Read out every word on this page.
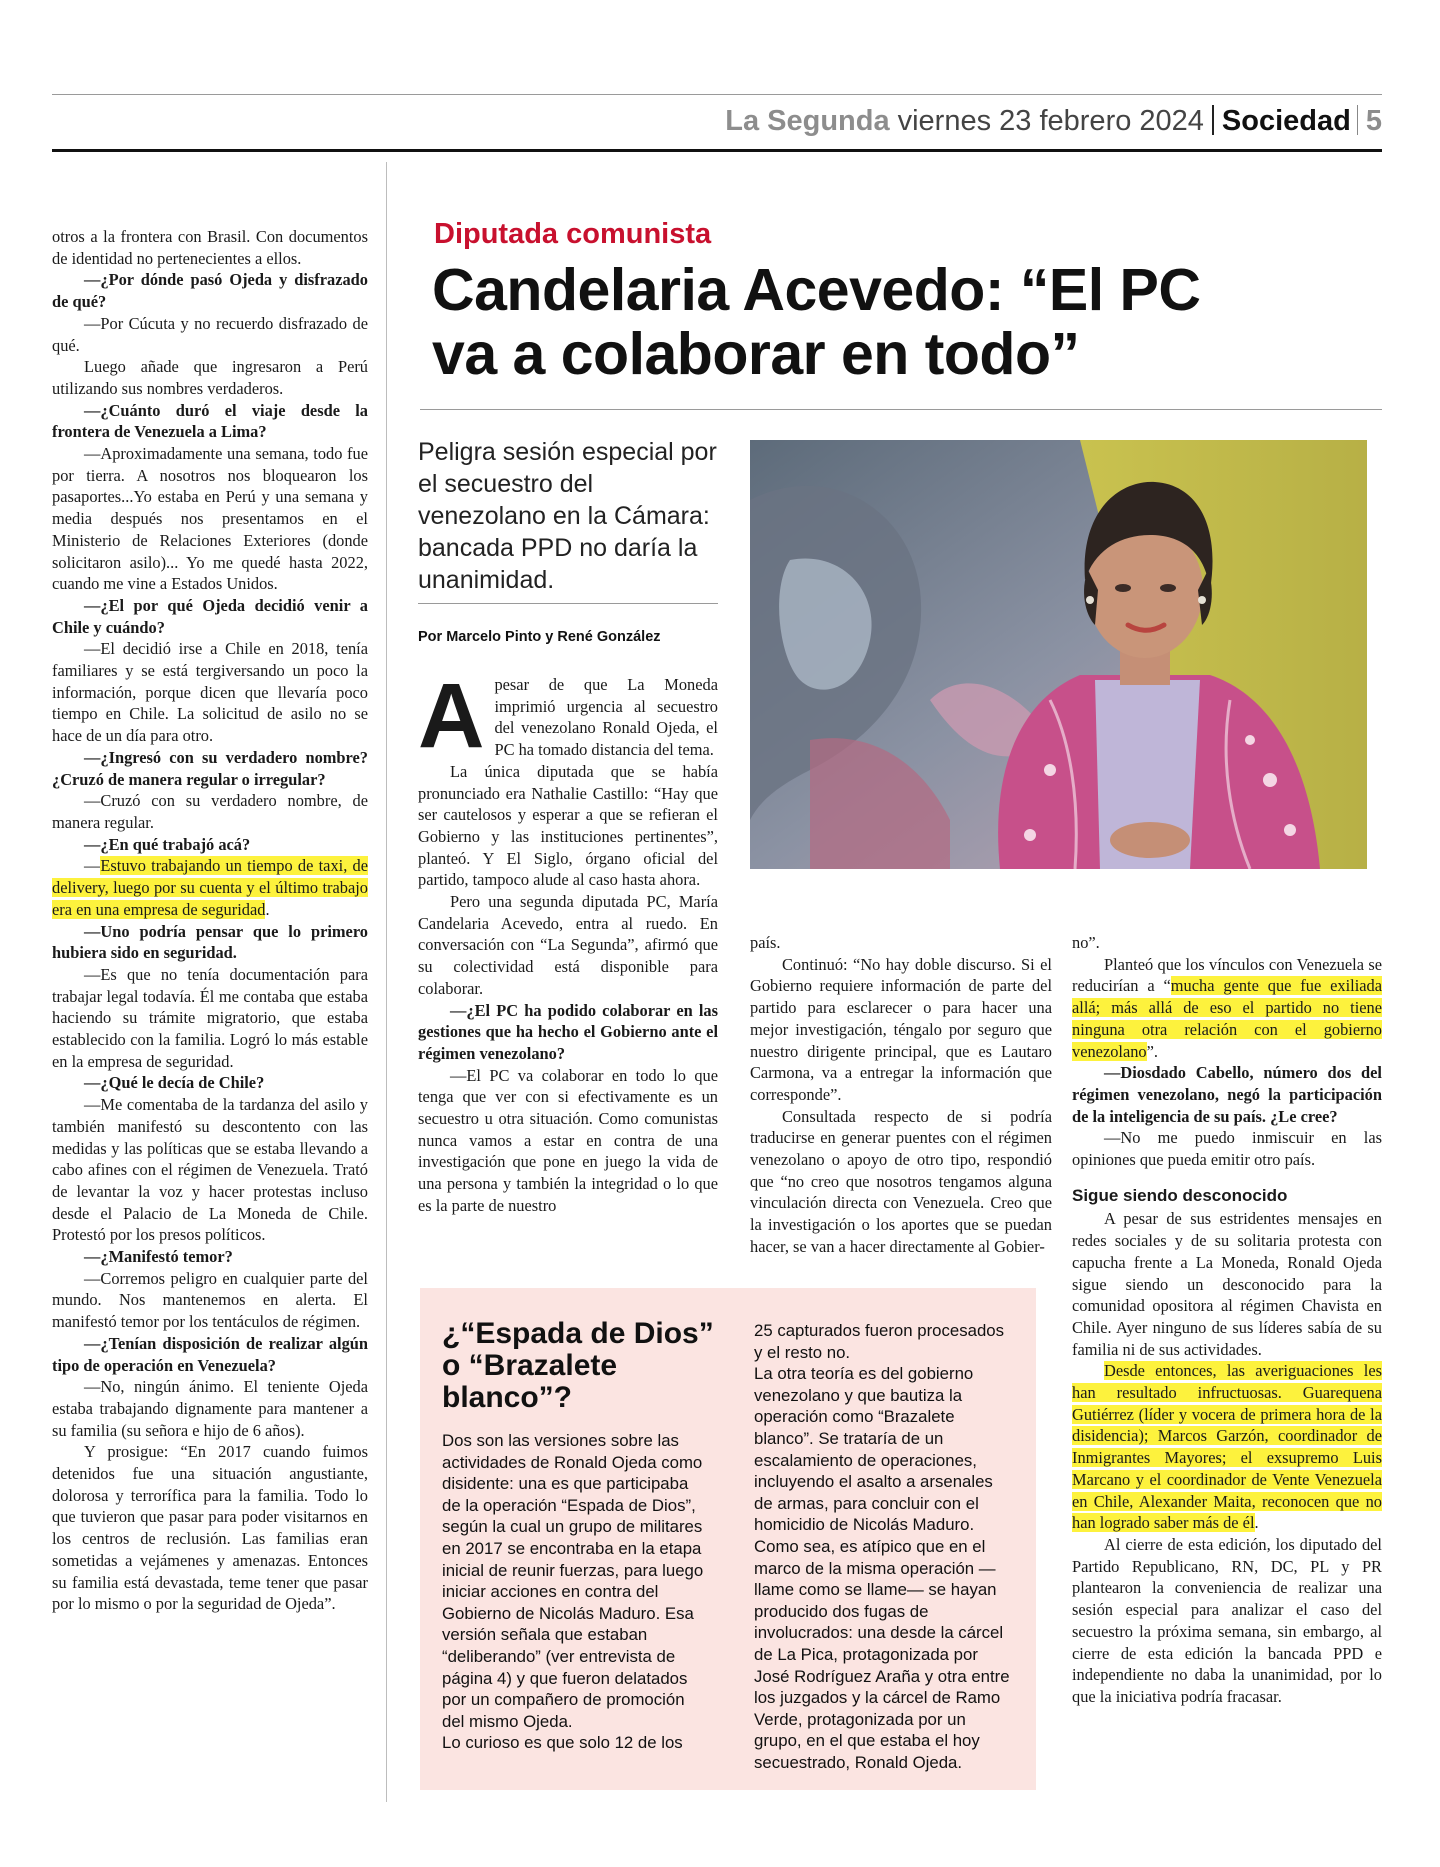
La Segunda viernes 23 febrero 2024 Sociedad 5

otros a la frontera con Brasil. Con documentos de identidad no pertenecientes a ellos.

—¿Por dónde pasó Ojeda y disfrazado de qué?

—Por Cúcuta y no recuerdo disfrazado de qué.

Luego añade que ingresaron a Perú utilizando sus nombres verdaderos.

—¿Cuánto duró el viaje desde la frontera de Venezuela a Lima?

—Aproximadamente una semana, todo fue por tierra. A nosotros nos bloquearon los pasaportes...Yo estaba en Perú y una semana y media después nos presentamos en el Ministerio de Relaciones Exteriores (donde solicitaron asilo)... Yo me quedé hasta 2022, cuando me vine a Estados Unidos.

—¿El por qué Ojeda decidió venir a Chile y cuándo?

—El decidió irse a Chile en 2018, tenía familiares y se está tergiversando un poco la información, porque dicen que llevaría poco tiempo en Chile. La solicitud de asilo no se hace de un día para otro.

—¿Ingresó con su verdadero nombre? ¿Cruzó de manera regular o irregular?

—Cruzó con su verdadero nombre, de manera regular.

—¿En qué trabajó acá?

—Estuvo trabajando un tiempo de taxi, de delivery, luego por su cuenta y el último trabajo era en una empresa de seguridad.

—Uno podría pensar que lo primero hubiera sido en seguridad.

—Es que no tenía documentación para trabajar legal todavía. Él me contaba que estaba haciendo su trámite migratorio, que estaba establecido con la familia. Logró lo más estable en la empresa de seguridad.

—¿Qué le decía de Chile?

—Me comentaba de la tardanza del asilo y también manifestó su descontento con las medidas y las políticas que se estaba llevando a cabo afines con el régimen de Venezuela. Trató de levantar la voz y hacer protestas incluso desde el Palacio de La Moneda de Chile. Protestó por los presos políticos.

—¿Manifestó temor?

—Corremos peligro en cualquier parte del mundo. Nos mantenemos en alerta. El manifestó temor por los tentáculos de régimen.

—¿Tenían disposición de realizar algún tipo de operación en Venezuela?

—No, ningún ánimo. El teniente Ojeda estaba trabajando dignamente para mantener a su familia (su señora e hijo de 6 años).

Y prosigue: “En 2017 cuando fuimos detenidos fue una situación angustiante, dolorosa y terrorífica para la familia. Todo lo que tuvieron que pasar para poder visitarnos en los centros de reclusión. Las familias eran sometidas a vejámenes y amenazas. Entonces su familia está devastada, teme tener que pasar por lo mismo o por la seguridad de Ojeda”.

Diputada comunista
Candelaria Acevedo: “El PC
va a colaborar en todo”
Peligra sesión especial por el secuestro del venezolano en la Cámara: bancada PPD no daría la unanimidad.
Por Marcelo Pinto y René González

Apesar de que La Moneda imprimió urgencia al secuestro del venezolano Ronald Ojeda, el PC ha tomado distancia del tema.

La única diputada que se había pronunciado era Nathalie Castillo: “Hay que ser cautelosos y esperar a que se refieran el Gobierno y las instituciones pertinentes”, planteó. Y El Siglo, órgano oficial del partido, tampoco alude al caso hasta ahora.

Pero una segunda diputada PC, María Candelaria Acevedo, entra al ruedo. En conversación con “La Segunda”, afirmó que su colectividad está disponible para colaborar.

—¿El PC ha podido colaborar en las gestiones que ha hecho el Gobierno ante el régimen venezolano?

—El PC va colaborar en todo lo que tenga que ver con si efectivamente es un secuestro u otra situación. Como comunistas nunca vamos a estar en contra de una investigación que pone en juego la vida de una persona y también la integridad o lo que es la parte de nuestro

país.

Continuó: “No hay doble discurso. Si el Gobierno requiere información de parte del partido para esclarecer o para hacer una mejor investigación, téngalo por seguro que nuestro dirigente principal, que es Lautaro Carmona, va a entregar la información que corresponde”.

Consultada respecto de si podría traducirse en generar puentes con el régimen venezolano o apoyo de otro tipo, respondió que “no creo que nosotros tengamos alguna vinculación directa con Venezuela. Creo que la investigación o los aportes que se puedan hacer, se van a hacer directamente al Gobier-

no”.

Planteó que los vínculos con Venezuela se reducirían a “mucha gente que fue exiliada allá; más allá de eso el partido no tiene ninguna otra relación con el gobierno venezolano”.

—Diosdado Cabello, número dos del régimen venezolano, negó la participación de la inteligencia de su país. ¿Le cree?

—No me puedo inmiscuir en las opiniones que pueda emitir otro país.

Sigue siendo desconocido

A pesar de sus estridentes mensajes en redes sociales y de su solitaria protesta con capucha frente a La Moneda, Ronald Ojeda sigue siendo un desconocido para la comunidad opositora al régimen Chavista en Chile. Ayer ninguno de sus líderes sabía de su familia ni de sus actividades.

Desde entonces, las averiguaciones les han resultado infructuosas. Guarequena Gutiérrez (líder y vocera de primera hora de la disidencia); Marcos Garzón, coordinador de Inmigrantes Mayores; el exsupremo Luis Marcano y el coordinador de Vente Venezuela en Chile, Alexander Maita, reconocen que no han logrado saber más de él.

Al cierre de esta edición, los diputado del Partido Republicano, RN, DC, PL y PR plantearon la conveniencia de realizar una sesión especial para analizar el caso del secuestro la próxima semana, sin embargo, al cierre de esta edición la bancada PPD e independiente no daba la unanimidad, por lo que la iniciativa podría fracasar.

¿“Espada de Dios” o “Brazalete blanco”?
Dos son las versiones sobre las actividades de Ronald Ojeda como disidente: una es que participaba de la operación “Espada de Dios”, según la cual un grupo de militares en 2017 se encontraba en la etapa inicial de reunir fuerzas, para luego iniciar acciones en contra del Gobierno de Nicolás Maduro. Esa versión señala que estaban “deliberando” (ver entrevista de página 4) y que fueron delatados por un compañero de promoción del mismo Ojeda.
Lo curioso es que solo 12 de los
25 capturados fueron procesados y el resto no.
La otra teoría es del gobierno venezolano y que bautiza la operación como “Brazalete blanco”. Se trataría de un escalamiento de operaciones, incluyendo el asalto a arsenales de armas, para concluir con el homicidio de Nicolás Maduro.
Como sea, es atípico que en el marco de la misma operación —llame como se llame— se hayan producido dos fugas de involucrados: una desde la cárcel de La Pica, protagonizada por José Rodríguez Araña y otra entre los juzgados y la cárcel de Ramo Verde, protagonizada por un grupo, en el que estaba el hoy secuestrado, Ronald Ojeda.
